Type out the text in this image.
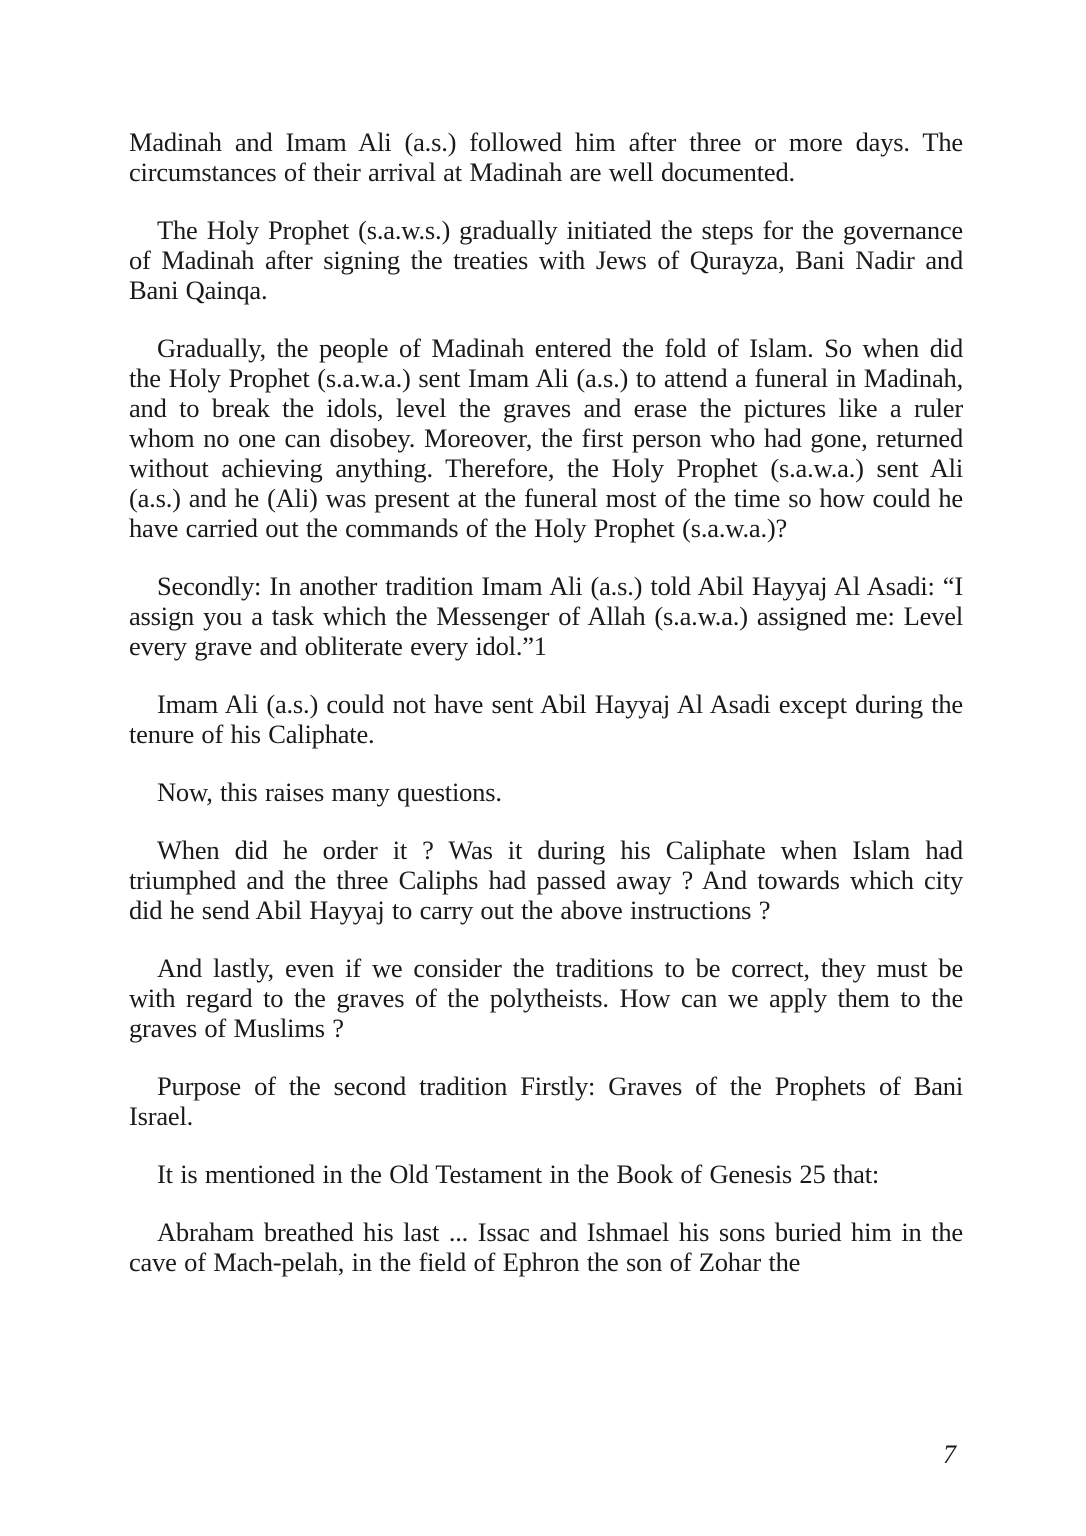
Madinah and Imam Ali (a.s.) followed him after three or more days. The circumstances of their arrival at Madinah are well documented.

The Holy Prophet (s.a.w.s.) gradually initiated the steps for the governance of Madinah after signing the treaties with Jews of Qurayza, Bani Nadir and Bani Qainqa.

Gradually, the people of Madinah entered the fold of Islam. So when did the Holy Prophet (s.a.w.a.) sent Imam Ali (a.s.) to attend a funeral in Madinah, and to break the idols, level the graves and erase the pictures like a ruler whom no one can disobey. Moreover, the first person who had gone, returned without achieving anything. Therefore, the Holy Prophet (s.a.w.a.) sent Ali (a.s.) and he (Ali) was present at the funeral most of the time so how could he have carried out the commands of the Holy Prophet (s.a.w.a.)?

Secondly: In another tradition Imam Ali (a.s.) told Abil Hayyaj Al Asadi: “I assign you a task which the Messenger of Allah (s.a.w.a.) assigned me: Level every grave and obliterate every idol.”1

Imam Ali (a.s.) could not have sent Abil Hayyaj Al Asadi except during the tenure of his Caliphate.

Now, this raises many questions.

When did he order it ? Was it during his Caliphate when Islam had triumphed and the three Caliphs had passed away ? And towards which city did he send Abil Hayyaj to carry out the above instructions ?

And lastly, even if we consider the traditions to be correct, they must be with regard to the graves of the polytheists. How can we apply them to the graves of Muslims ?

Purpose of the second tradition Firstly: Graves of the Prophets of Bani Israel.

It is mentioned in the Old Testament in the Book of Genesis 25 that:

Abraham breathed his last ... Issac and Ishmael his sons buried him in the cave of Mach-pelah, in the field of Ephron the son of Zohar the

7
